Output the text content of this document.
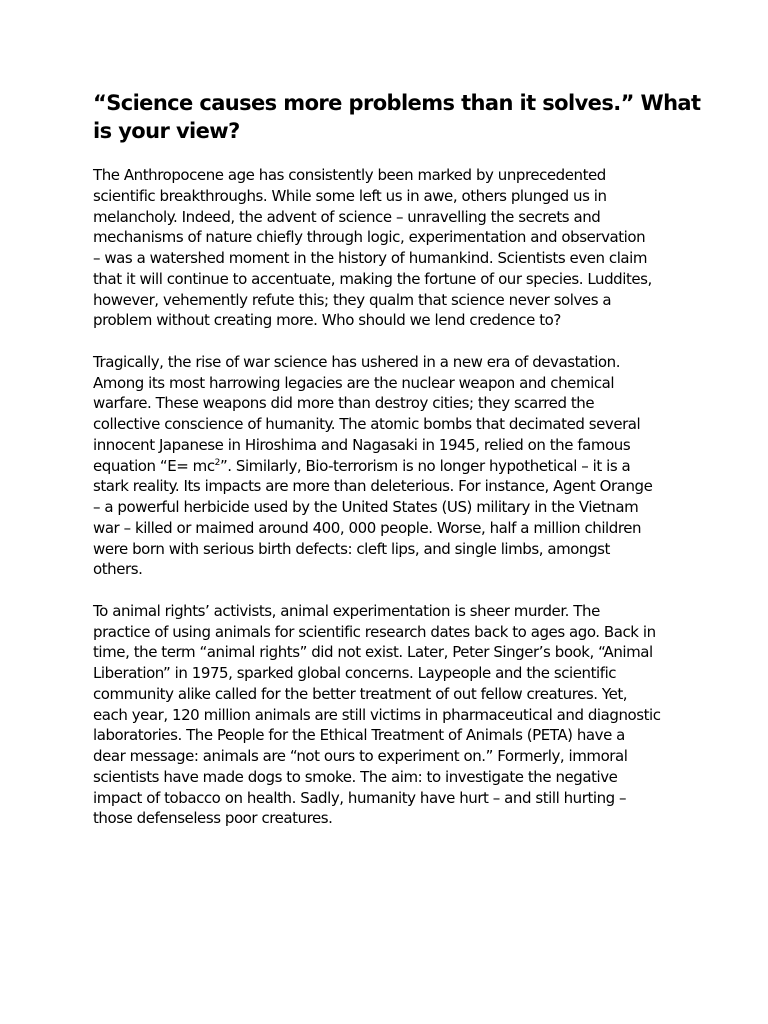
“Science causes more problems than it solves.” What
is your view?

The Anthropocene age has consistently been marked by unprecedented
scientific breakthroughs. While some left us in awe, others plunged us in
melancholy. Indeed, the advent of science – unravelling the secrets and
mechanisms of nature chiefly through logic, experimentation and observation
– was a watershed moment in the history of humankind. Scientists even claim
that it will continue to accentuate, making the fortune of our species. Luddites,
however, vehemently refute this; they qualm that science never solves a
problem without creating more. Who should we lend credence to?

Tragically, the rise of war science has ushered in a new era of devastation.
Among its most harrowing legacies are the nuclear weapon and chemical
warfare. These weapons did more than destroy cities; they scarred the
collective conscience of humanity. The atomic bombs that decimated several
innocent Japanese in Hiroshima and Nagasaki in 1945, relied on the famous
equation “$E= mc^2$”. Similarly, Bio-terrorism is no longer hypothetical – it is a
stark reality. Its impacts are more than deleterious. For instance, Agent Orange
– a powerful herbicide used by the United States (US) military in the Vietnam
war – killed or maimed around 400, 000 people. Worse, half a million children
were born with serious birth defects: cleft lips, and single limbs, amongst
others.

To animal rights’ activists, animal experimentation is sheer murder. The
practice of using animals for scientific research dates back to ages ago. Back in
time, the term “animal rights” did not exist. Later, Peter Singer’s book, “Animal
Liberation” in 1975, sparked global concerns. Laypeople and the scientific
community alike called for the better treatment of out fellow creatures. Yet,
each year, 120 million animals are still victims in pharmaceutical and diagnostic
laboratories. The People for the Ethical Treatment of Animals (PETA) have a
dear message: animals are “not ours to experiment on.” Formerly, immoral
scientists have made dogs to smoke. The aim: to investigate the negative
impact of tobacco on health. Sadly, humanity have hurt – and still hurting –
those defenseless poor creatures.
